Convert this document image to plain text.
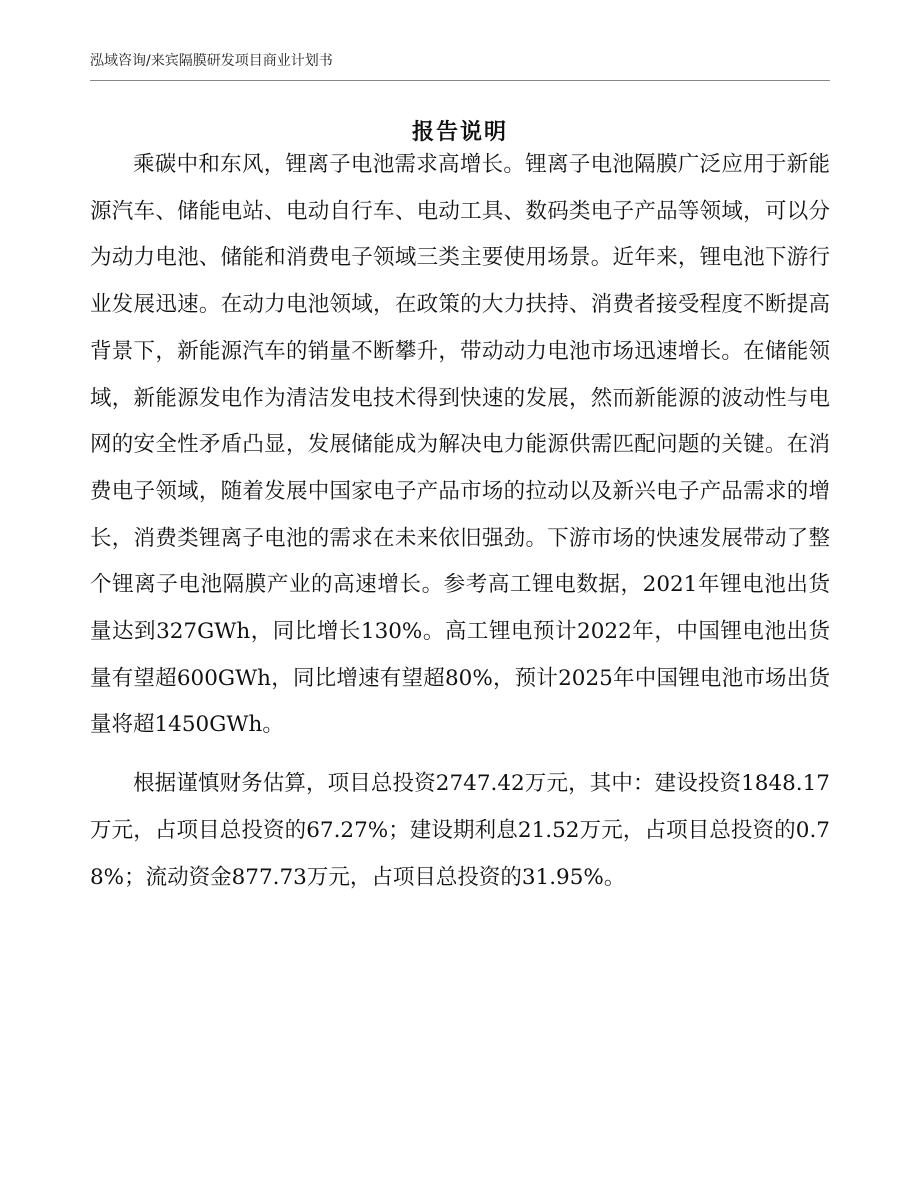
泓域咨询/来宾隔膜研发项目商业计划书
报告说明

乘碳中和东风，锂离子电池需求高增长。锂离子电池隔膜广泛应用于新能源汽车、储能电站、电动自行车、电动工具、数码类电子产品等领域，可以分为动力电池、储能和消费电子领域三类主要使用场景。近年来，锂电池下游行业发展迅速。在动力电池领域，在政策的大力扶持、消费者接受程度不断提高背景下，新能源汽车的销量不断攀升，带动动力电池市场迅速增长。在储能领域，新能源发电作为清洁发电技术得到快速的发展，然而新能源的波动性与电网的安全性矛盾凸显，发展储能成为解决电力能源供需匹配问题的关键。在消费电子领域，随着发展中国家电子产品市场的拉动以及新兴电子产品需求的增长，消费类锂离子电池的需求在未来依旧强劲。下游市场的快速发展带动了整个锂离子电池隔膜产业的高速增长。参考高工锂电数据，2021年锂电池出货量达到327GWh，同比增长130%。高工锂电预计2022年，中国锂电池出货量有望超600GWh，同比增速有望超80%，预计2025年中国锂电池市场出货量将超1450GWh。

根据谨慎财务估算，项目总投资2747.42万元，其中：建设投资1848.17万元，占项目总投资的67.27%；建设期利息21.52万元，占项目总投资的0.78%；流动资金877.73万元，占项目总投资的31.95%。
